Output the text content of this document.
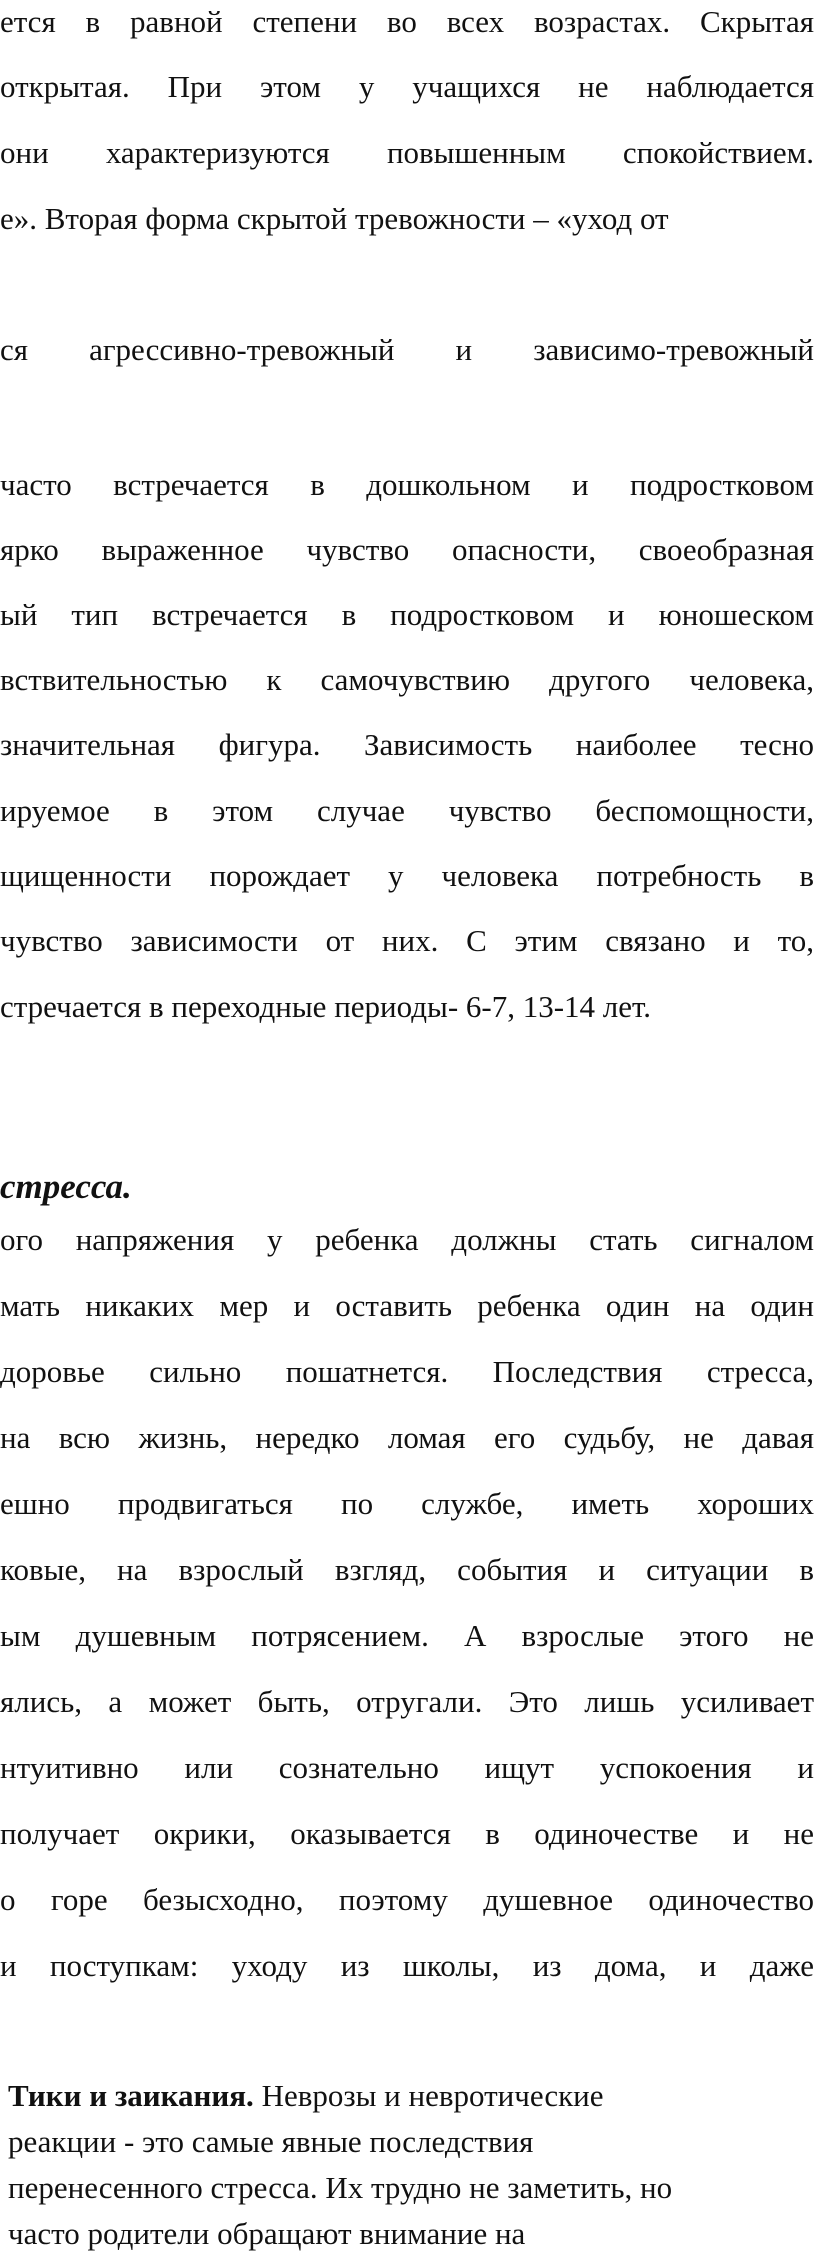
ется в равной степени во всех возрастах. Скрытая
открытая. При этом у учащихся не наблюдается
они характеризуются повышенным спокойствием.
е». Вторая форма скрытой тревожности – «уход от
ся агрессивно-тревожный и зависимо-тревожный
часто встречается в дошкольном и подростковом
ярко выраженное чувство опасности, своеобразная
ый тип встречается в подростковом и юношеском
вствительностью к самочувствию другого человека,
значительная фигура. Зависимость наиболее тесно
ируемое в этом случае чувство беспомощности,
щищенности порождает у человека потребность в
чувство зависимости от них. С этим связано и то,
стречается в переходные периоды- 6-7, 13-14 лет.
стресса.
ого напряжения у ребенка должны стать сигналом
мать никаких мер и оставить ребенка один на один
доровье сильно пошатнется. Последствия стресса,
на всю жизнь, нередко ломая его судьбу, не давая
ешно продвигаться по службе, иметь хороших
ковые, на взрослый взгляд, события и ситуации в
ым душевным потрясением. А взрослые этого не
ялись, а может быть, отругали. Это лишь усиливает
нтуитивно или сознательно ищут успокоения и
получает окрики, оказывается в одиночестве и не
о горе безысходно, поэтому душевное одиночество
и поступкам: уходу из школы, из дома, и даже
Тики и заикания. Неврозы и невротические
реакции - это самые явные последствия
перенесенного стресса. Их трудно не заметить, но
часто родители обращают внимание на
